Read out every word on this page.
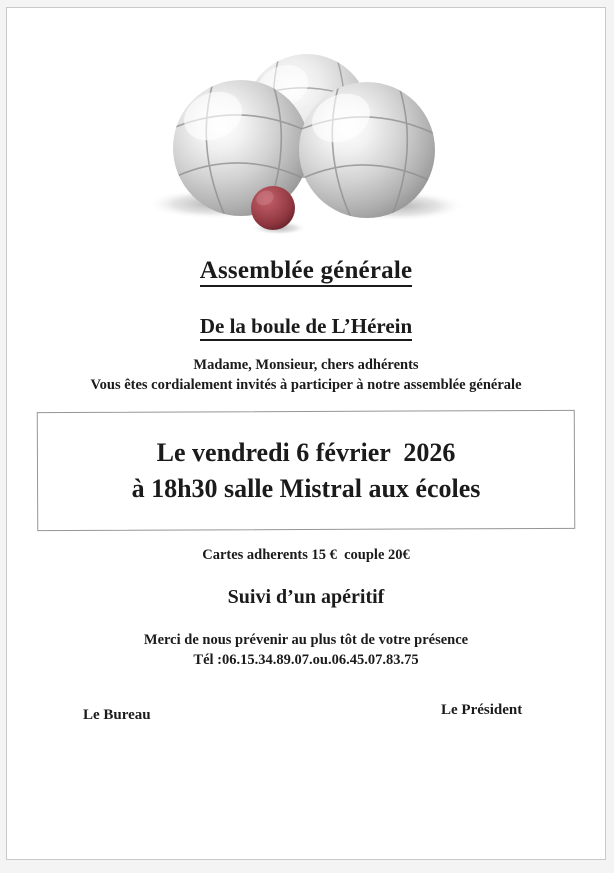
Assemblée générale
De la boule de L’Hérein
Madame, Monsieur, chers adhérents
Vous êtes cordialement invités à participer à notre assemblée générale
Le vendredi 6 février  2026
à 18h30 salle Mistral aux écoles
Cartes adherents 15 €  couple 20€
Suivi d’un apéritif
Merci de nous prévenir au plus tôt de votre présence
Tél :06.15.34.89.07.ou.06.45.07.83.75
Le Bureau	Le Président
